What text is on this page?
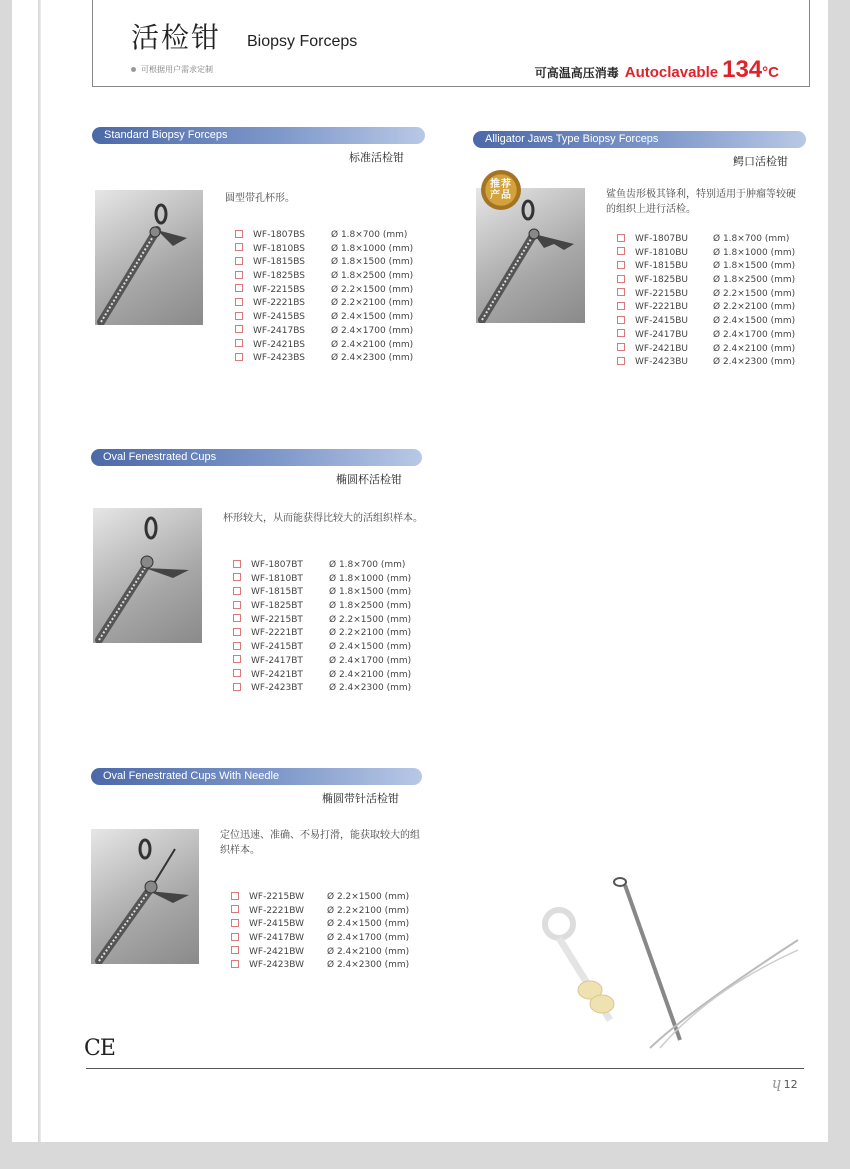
活检钳 Biopsy Forceps
可根据用户需求定制	可高温高压消毒 Autoclavable 134°C
Standard Biopsy Forceps
标准活检钳
圆型带孔杯形。
WF-1807BS	Ø 1.8×700 (mm)
WF-1810BS	Ø 1.8×1000 (mm)
WF-1815BS	Ø 1.8×1500 (mm)
WF-1825BS	Ø 1.8×2500 (mm)
WF-2215BS	Ø 2.2×1500 (mm)
WF-2221BS	Ø 2.2×2100 (mm)
WF-2415BS	Ø 2.4×1500 (mm)
WF-2417BS	Ø 2.4×1700 (mm)
WF-2421BS	Ø 2.4×2100 (mm)
WF-2423BS	Ø 2.4×2300 (mm)
Alligator Jaws Type Biopsy Forceps
鳄口活检钳
推荐
产品	鲨鱼齿形极其锋利，特别适用于肿瘤等较硬的组织上进行活检。
WF-1807BU	Ø 1.8×700 (mm)
WF-1810BU	Ø 1.8×1000 (mm)
WF-1815BU	Ø 1.8×1500 (mm)
WF-1825BU	Ø 1.8×2500 (mm)
WF-2215BU	Ø 2.2×1500 (mm)
WF-2221BU	Ø 2.2×2100 (mm)
WF-2415BU	Ø 2.4×1500 (mm)
WF-2417BU	Ø 2.4×1700 (mm)
WF-2421BU	Ø 2.4×2100 (mm)
WF-2423BU	Ø 2.4×2300 (mm)
Oval Fenestrated Cups
椭圆杯活检钳
杯形较大，从而能获得比较大的活组织样本。
WF-1807BT	Ø 1.8×700 (mm)
WF-1810BT	Ø 1.8×1000 (mm)
WF-1815BT	Ø 1.8×1500 (mm)
WF-1825BT	Ø 1.8×2500 (mm)
WF-2215BT	Ø 2.2×1500 (mm)
WF-2221BT	Ø 2.2×2100 (mm)
WF-2415BT	Ø 2.4×1500 (mm)
WF-2417BT	Ø 2.4×1700 (mm)
WF-2421BT	Ø 2.4×2100 (mm)
WF-2423BT	Ø 2.4×2300 (mm)
Oval Fenestrated Cups With Needle
椭圆带针活检钳
定位迅速、准确、不易打滑，能获取较大的组织样本。
WF-2215BW	Ø 2.2×1500 (mm)
WF-2221BW	Ø 2.2×2100 (mm)
WF-2415BW	Ø 2.4×1500 (mm)
WF-2417BW	Ø 2.4×1700 (mm)
WF-2421BW	Ø 2.4×2100 (mm)
WF-2423BW	Ø 2.4×2300 (mm)
CE
ɥ 12
